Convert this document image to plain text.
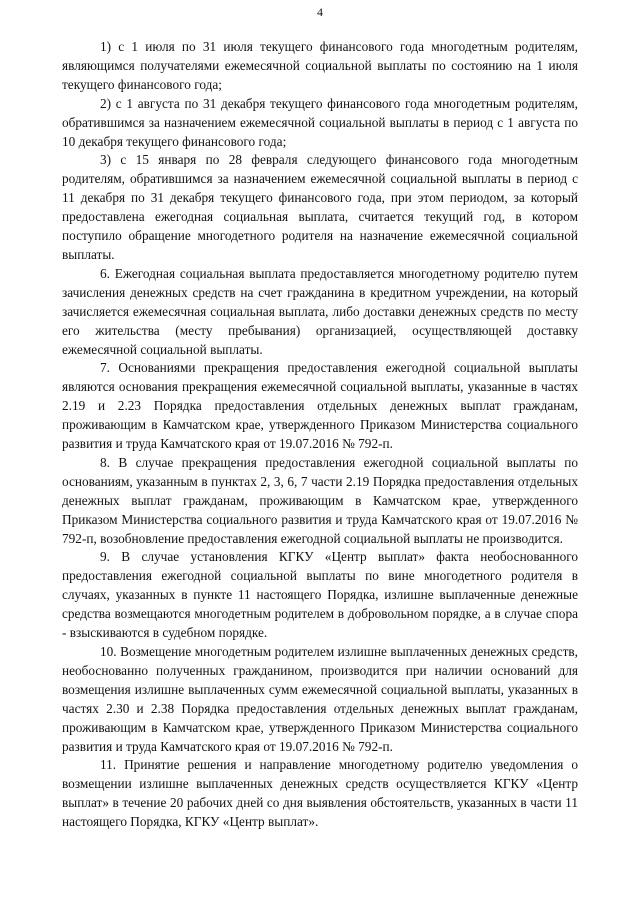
4

1) с 1 июля по 31 июля текущего финансового года многодетным родителям, являющимся получателями ежемесячной социальной выплаты по состоянию на 1 июля текущего финансового года;

2) с 1 августа по 31 декабря текущего финансового года многодетным родителям, обратившимся за назначением ежемесячной социальной выплаты в период с 1 августа по 10 декабря текущего финансового года;

3) с 15 января по 28 февраля следующего финансового года многодетным родителям, обратившимся за назначением ежемесячной социальной выплаты в период с 11 декабря по 31 декабря текущего финансового года, при этом периодом, за который предоставлена ежегодная социальная выплата, считается текущий год, в котором поступило обращение многодетного родителя на назначение ежемесячной социальной выплаты.

6. Ежегодная социальная выплата предоставляется многодетному родителю путем зачисления денежных средств на счет гражданина в кредитном учреждении, на который зачисляется ежемесячная социальная выплата, либо доставки денежных средств по месту его жительства (месту пребывания) организацией, осуществляющей доставку ежемесячной социальной выплаты.

7. Основаниями прекращения предоставления ежегодной социальной выплаты являются основания прекращения ежемесячной социальной выплаты, указанные в частях 2.19 и 2.23 Порядка предоставления отдельных денежных выплат гражданам, проживающим в Камчатском крае, утвержденного Приказом Министерства социального развития и труда Камчатского края от 19.07.2016 № 792-п.

8. В случае прекращения предоставления ежегодной социальной выплаты по основаниям, указанным в пунктах 2, 3, 6, 7 части 2.19 Порядка предоставления отдельных денежных выплат гражданам, проживающим в Камчатском крае, утвержденного Приказом Министерства социального развития и труда Камчатского края от 19.07.2016 № 792-п, возобновление предоставления ежегодной социальной выплаты не производится.

9. В случае установления КГКУ «Центр выплат» факта необоснованного предоставления ежегодной социальной выплаты по вине многодетного родителя в случаях, указанных в пункте 11 настоящего Порядка, излишне выплаченные денежные средства возмещаются многодетным родителем в добровольном порядке, а в случае спора - взыскиваются в судебном порядке.

10. Возмещение многодетным родителем излишне выплаченных денежных средств, необоснованно полученных гражданином, производится при наличии оснований для возмещения излишне выплаченных сумм ежемесячной социальной выплаты, указанных в частях 2.30 и 2.38 Порядка предоставления отдельных денежных выплат гражданам, проживающим в Камчатском крае, утвержденного Приказом Министерства социального развития и труда Камчатского края от 19.07.2016 № 792-п.

11. Принятие решения и направление многодетному родителю уведомления о возмещении излишне выплаченных денежных средств осуществляется КГКУ «Центр выплат» в течение 20 рабочих дней со дня выявления обстоятельств, указанных в части 11 настоящего Порядка, КГКУ «Центр выплат».
